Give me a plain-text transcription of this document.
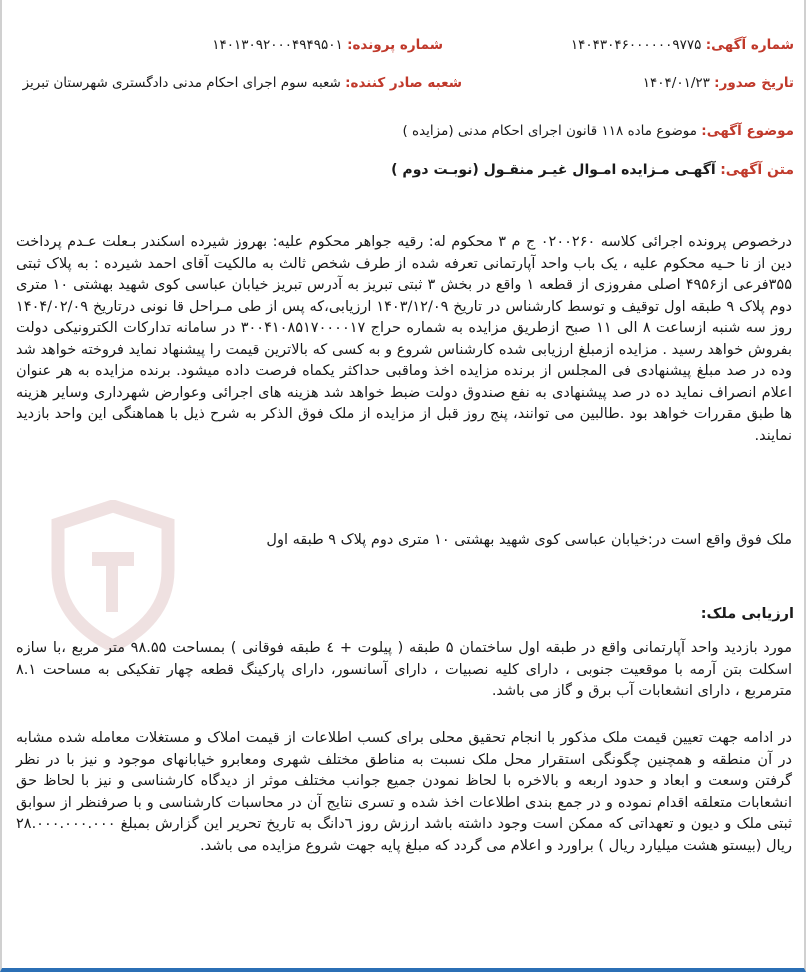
شماره آگهی: ۱۴۰۴۳۰۴۶۰۰۰۰۰۰۹۷۷۵
شماره پرونده: ۱۴۰۱۳۰۹۲۰۰۰۴۹۴۹۵۰۱
تاریخ صدور: ۱۴۰۴/۰۱/۲۳
شعبه صادر کننده: شعبه سوم اجرای احکام مدنی دادگستری شهرستان تبریز
موضوع آگهی: موضوع ماده ۱۱۸ قانون اجرای احکام مدنی (مزایده )
متن آگهی: آگهـی مـزایده امـوال غیـر منقـول (نوبـت دوم )

درخصوص پرونده اجرائی کلاسه ۰۲۰۰۲۶۰ ج م ۳ محکوم له: رقیه جواهر محکوم علیه: بهروز شیرده اسکندر بـعلت عـدم پرداخت دین از نا حـیه محکوم علیه ، یک باب واحد آپارتمانی تعرفه شده از طرف شخص ثالث به مالکیت آقای احمد شیرده : به پلاک ثبتی ۳۵۵فرعی از۴۹۵۶ اصلی مفروزی از قطعه ۱ واقع در بخش ۳ ثبتی تبریز به آدرس تبریز خیابان عباسی کوی شهید بهشتی ۱۰ متری دوم پلاک ۹ طبقه اول توقیف و توسط کارشناس در تاریخ ۱۴۰۳/۱۲/۰۹ ارزیابی،که پس از طی مـراحل قا نونی درتاریخ ۱۴۰۴/۰۲/۰۹ روز سه شنبه ازساعت ۸ الی ۱۱ صبح ازطریق مزایده به شماره حراج ۳۰۰۴۱۰۸۵۱۷۰۰۰۰۱۷ در سامانه تدارکات الکترونیکی دولت بفروش خواهد رسید . مزایده ازمبلغ ارزیابی شده کارشناس شروع و به کسی که بالاترین قیمت را پیشنهاد نماید فروخته خواهد شد وده در صد مبلغ پیشنهادی فی المجلس از برنده مزایده اخذ وماقبی حداکثر یکماه فرصت داده میشود. برنده مزایده به هر عنوان اعلام انصراف نماید ده در صد پیشنهادی به نفع صندوق دولت ضبط خواهد شد هزینه های اجرائی وعوارض شهرداری وسایر هزینه ها طبق مقررات خواهد بود .طالبین می توانند، پنج روز قبل از مزایده از ملک فوق الذکر به شرح ذیل با هماهنگی این واحد بازدید نمایند.

ملک فوق واقع است در:خیابان عباسی کوی شهید بهشتی ۱۰ متری دوم پلاک ۹ طبقه اول

ارزیابی ملک:

مورد بازدید واحد آپارتمانی واقع در طبقه اول ساختمان ۵ طبقه ( پیلوت + ٤ طبقه فوقانی ) بمساحت ۹۸.۵۵ متر مربع ،با سازه اسکلت بتن آرمه با موقعیت جنوبی ، دارای کلیه نصبیات ، دارای آسانسور، دارای پارکینگ قطعه چهار تفکیکی به مساحت ۸.۱ مترمربع ، دارای انشعابات آب برق و گاز می باشد.

در ادامه جهت تعیین قیمت ملک مذکور با انجام تحقیق محلی برای کسب اطلاعات از قیمت املاک و مستغلات معامله شده مشابه در آن منطقه و همچنین چگونگی استقرار محل ملک نسبت به مناطق مختلف شهری ومعابرو خیابانهای موجود و نیز با در نظر گرفتن وسعت و ابعاد و حدود اربعه و بالاخره با لحاظ نمودن جمیع جوانب مختلف موثر از دیدگاه کارشناسی و نیز با لحاظ حق انشعابات متعلقه اقدام نموده و در جمع بندی اطلاعات اخذ شده و تسری نتایج آن در محاسبات کارشناسی و با صرفنظر از سوابق ثبتی ملک و دیون و تعهداتی که ممکن است وجود داشته باشد ارزش روز ٦دانگ به تاریخ تحریر این گزارش بمبلغ ۲۸.۰۰۰.۰۰۰.۰۰۰ ریال (بیستو هشت میلیارد ریال ) براورد و اعلام می گردد که مبلغ پایه جهت شروع مزایده می باشد.
